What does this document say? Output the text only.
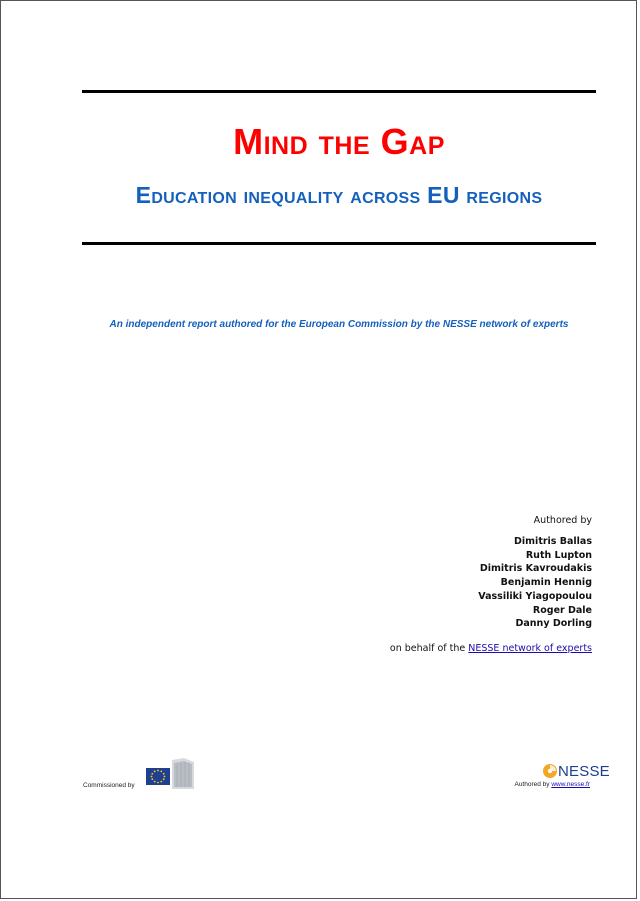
Mind the Gap
Education inequality across EU regions
An independent report authored for the European Commission by the NESSE network of experts
Authored by
Dimitris Ballas
Ruth Lupton
Dimitris Kavroudakis
Benjamin Hennig
Vassiliki Yiagopoulou
Roger Dale
Danny Dorling
on behalf of the NESSE network of experts
Commissioned by
NESSE
Authored by www.nesse.fr
